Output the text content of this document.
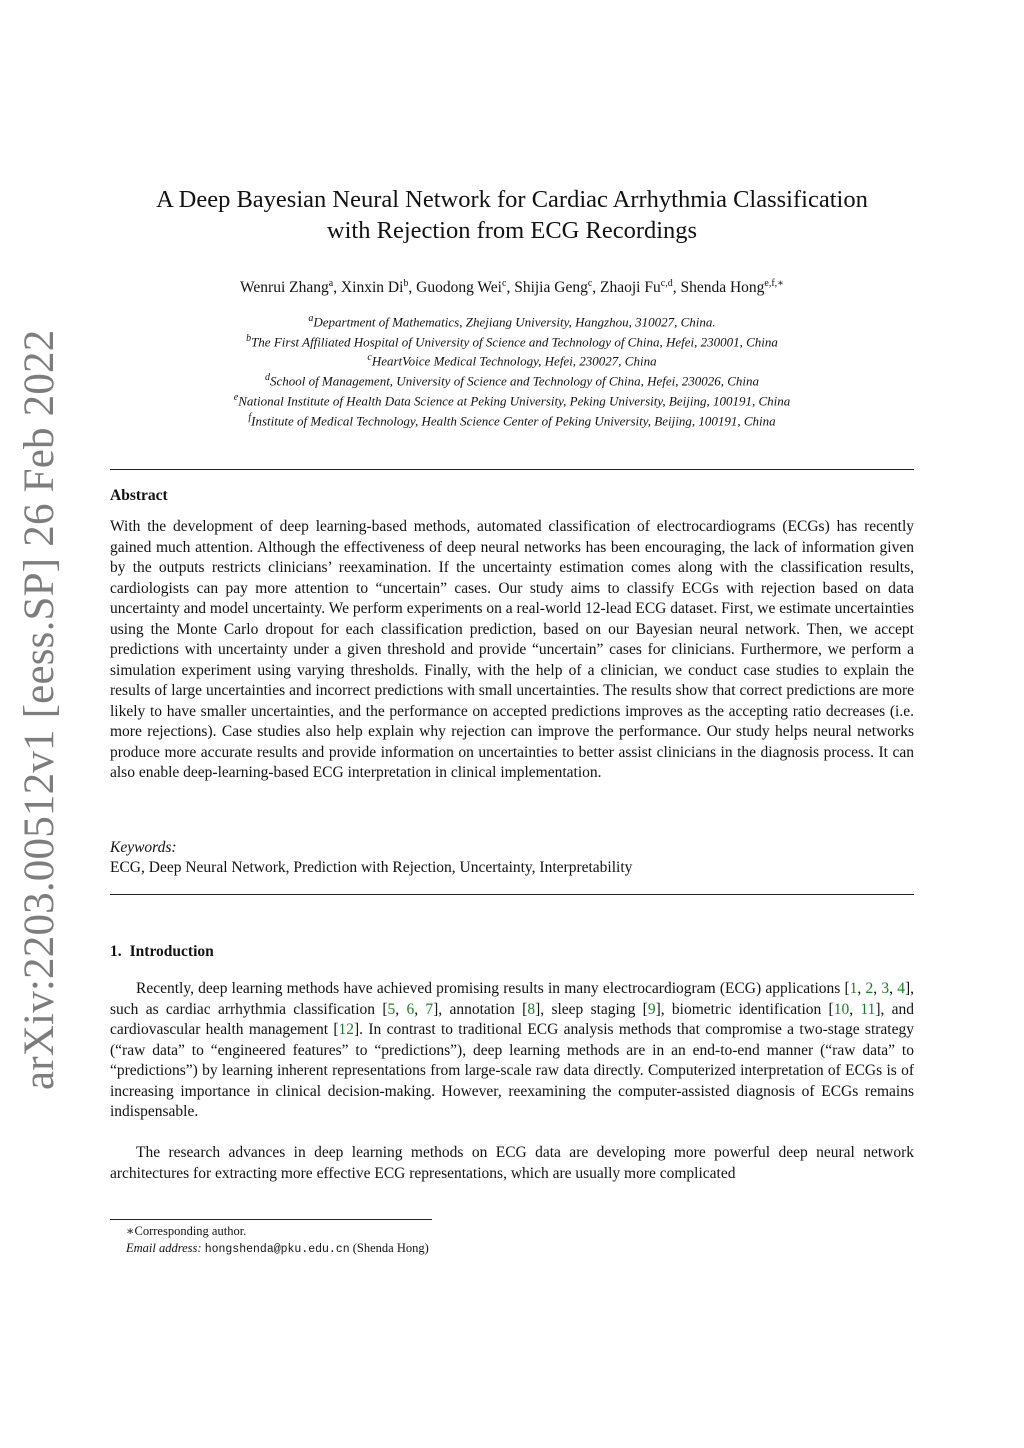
arXiv:2203.00512v1 [eess.SP] 26 Feb 2022
A Deep Bayesian Neural Network for Cardiac Arrhythmia Classification
with Rejection from ECG Recordings
Wenrui Zhang$^a$, Xinxin Di$^b$, Guodong Wei$^c$, Shijia Geng$^c$, Zhaoji Fu$^{c,d}$, Shenda Hong$^{e,f,∗}$
$^a$Department of Mathematics, Zhejiang University, Hangzhou, 310027, China.
$^b$The First Affiliated Hospital of University of Science and Technology of China, Hefei, 230001, China
$^c$HeartVoice Medical Technology, Hefei, 230027, China
$^d$School of Management, University of Science and Technology of China, Hefei, 230026, China
$^e$National Institute of Health Data Science at Peking University, Peking University, Beijing, 100191, China
$^f$Institute of Medical Technology, Health Science Center of Peking University, Beijing, 100191, China
Abstract
With the development of deep learning-based methods, automated classification of electrocardiograms (ECGs) has recently gained much attention. Although the effectiveness of deep neural networks has been encouraging, the lack of information given by the outputs restricts clinicians’ reexamination. If the uncertainty estimation comes along with the classification results, cardiologists can pay more attention to “uncertain” cases. Our study aims to classify ECGs with rejection based on data uncertainty and model uncertainty. We perform experiments on a real-world 12-lead ECG dataset. First, we estimate uncertainties using the Monte Carlo dropout for each classification prediction, based on our Bayesian neural network. Then, we accept predictions with uncertainty under a given threshold and provide “uncertain” cases for clinicians. Furthermore, we perform a simulation experiment using varying thresholds. Finally, with the help of a clinician, we conduct case studies to explain the results of large uncertainties and incorrect predictions with small uncertainties. The results show that correct predictions are more likely to have smaller uncertainties, and the performance on accepted predictions improves as the accepting ratio decreases (i.e. more rejections). Case studies also help explain why rejection can improve the performance. Our study helps neural networks produce more accurate results and provide information on uncertainties to better assist clinicians in the diagnosis process. It can also enable deep-learning-based ECG interpretation in clinical implementation.
Keywords:
ECG, Deep Neural Network, Prediction with Rejection, Uncertainty, Interpretability
1. Introduction
Recently, deep learning methods have achieved promising results in many electrocardiogram (ECG) applications [1, 2, 3, 4], such as cardiac arrhythmia classification [5, 6, 7], annotation [8], sleep staging [9], biometric identification [10, 11], and cardiovascular health management [12]. In contrast to traditional ECG analysis methods that compromise a two-stage strategy (“raw data” to “engineered features” to “predictions”), deep learning methods are in an end-to-end manner (“raw data” to “predictions”) by learning inherent representations from large-scale raw data directly. Computerized interpretation of ECGs is of increasing importance in clinical decision-making. However, reexamining the computer-assisted diagnosis of ECGs remains indispensable.
The research advances in deep learning methods on ECG data are developing more powerful deep neural network architectures for extracting more effective ECG representations, which are usually more complicated
∗Corresponding author.
Email address: hongshenda@pku.edu.cn (Shenda Hong)
